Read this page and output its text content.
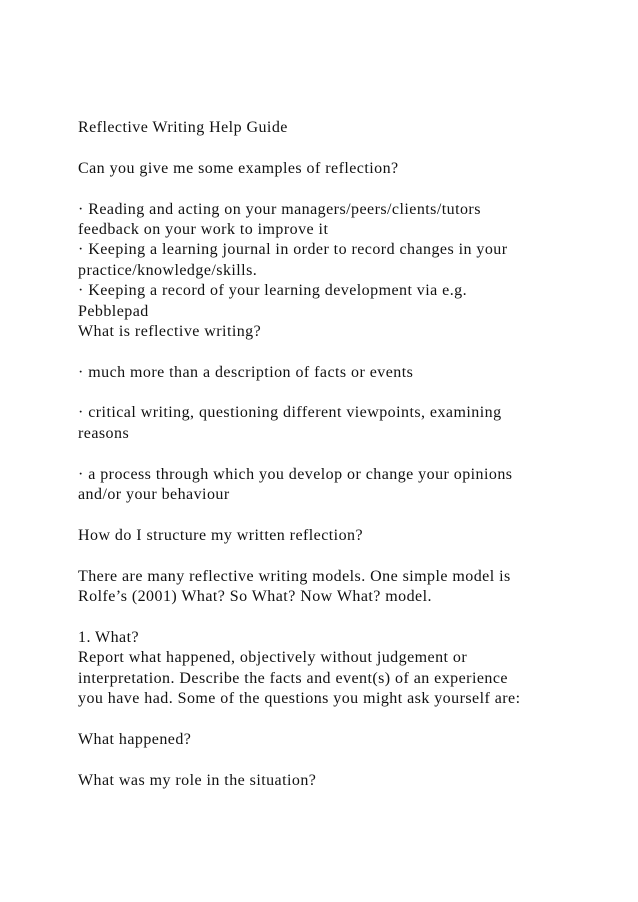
Reflective Writing Help Guide
Can you give me some examples of reflection?
· Reading and acting on your managers/peers/clients/tutors
feedback on your work to improve it
· Keeping a learning journal in order to record changes in your
practice/knowledge/skills.
· Keeping a record of your learning development via e.g.
Pebblepad
What is reflective writing?
· much more than a description of facts or events
· critical writing, questioning different viewpoints, examining
reasons
· a process through which you develop or change your opinions
and/or your behaviour
How do I structure my written reflection?
There are many reflective writing models. One simple model is
Rolfe’s (2001) What? So What? Now What? model.
1. What?
Report what happened, objectively without judgement or
interpretation. Describe the facts and event(s) of an experience
you have had. Some of the questions you might ask yourself are:
What happened?
What was my role in the situation?
